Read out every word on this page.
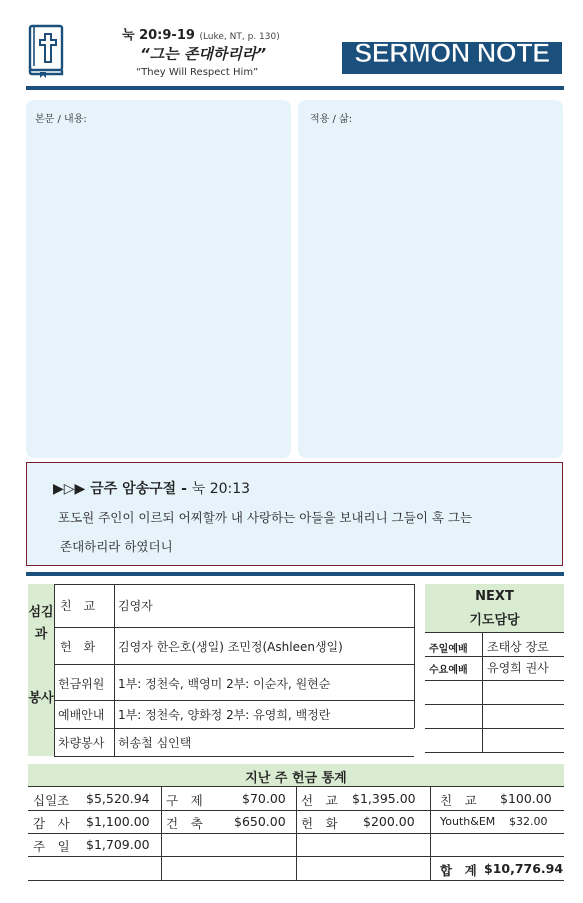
눅 20:9-19 (Luke, NT, p. 130)
“그는 존대하리라”
“They Will Respect Him”
SERMON NOTE
본문 / 내용:	적용 / 삶:
▶▷▶ 금주 암송구절 - 눅 20:13
포도원 주인이 이르되 어찌할까 내 사랑하는 아들을 보내리니 그들이 혹 그는
존대하리라 하였더니
섬김과
봉사
친　교 김영자
헌　화 김영자 한은호(생일) 조민정(Ashleen생일)
헌금위원 1부: 정천숙, 백영미 2부: 이순자, 원현순
예배안내 1부: 정천숙, 양화정 2부: 유영희, 백정란
차량봉사 허송철 심인택
NEXT
기도담당
주일예배 조태상 장로
수요예배 유영희 권사
지난 주 헌금 통계
십일조 $5,520.94 구　제	$70.00 선　교 $1,395.00 친　교 $100.00
감　사 $1,100.00 건　축	$650.00 헌　화 $200.00 Youth&EM $32.00
주　일 $1,709.00
합　계 $10,776.94
